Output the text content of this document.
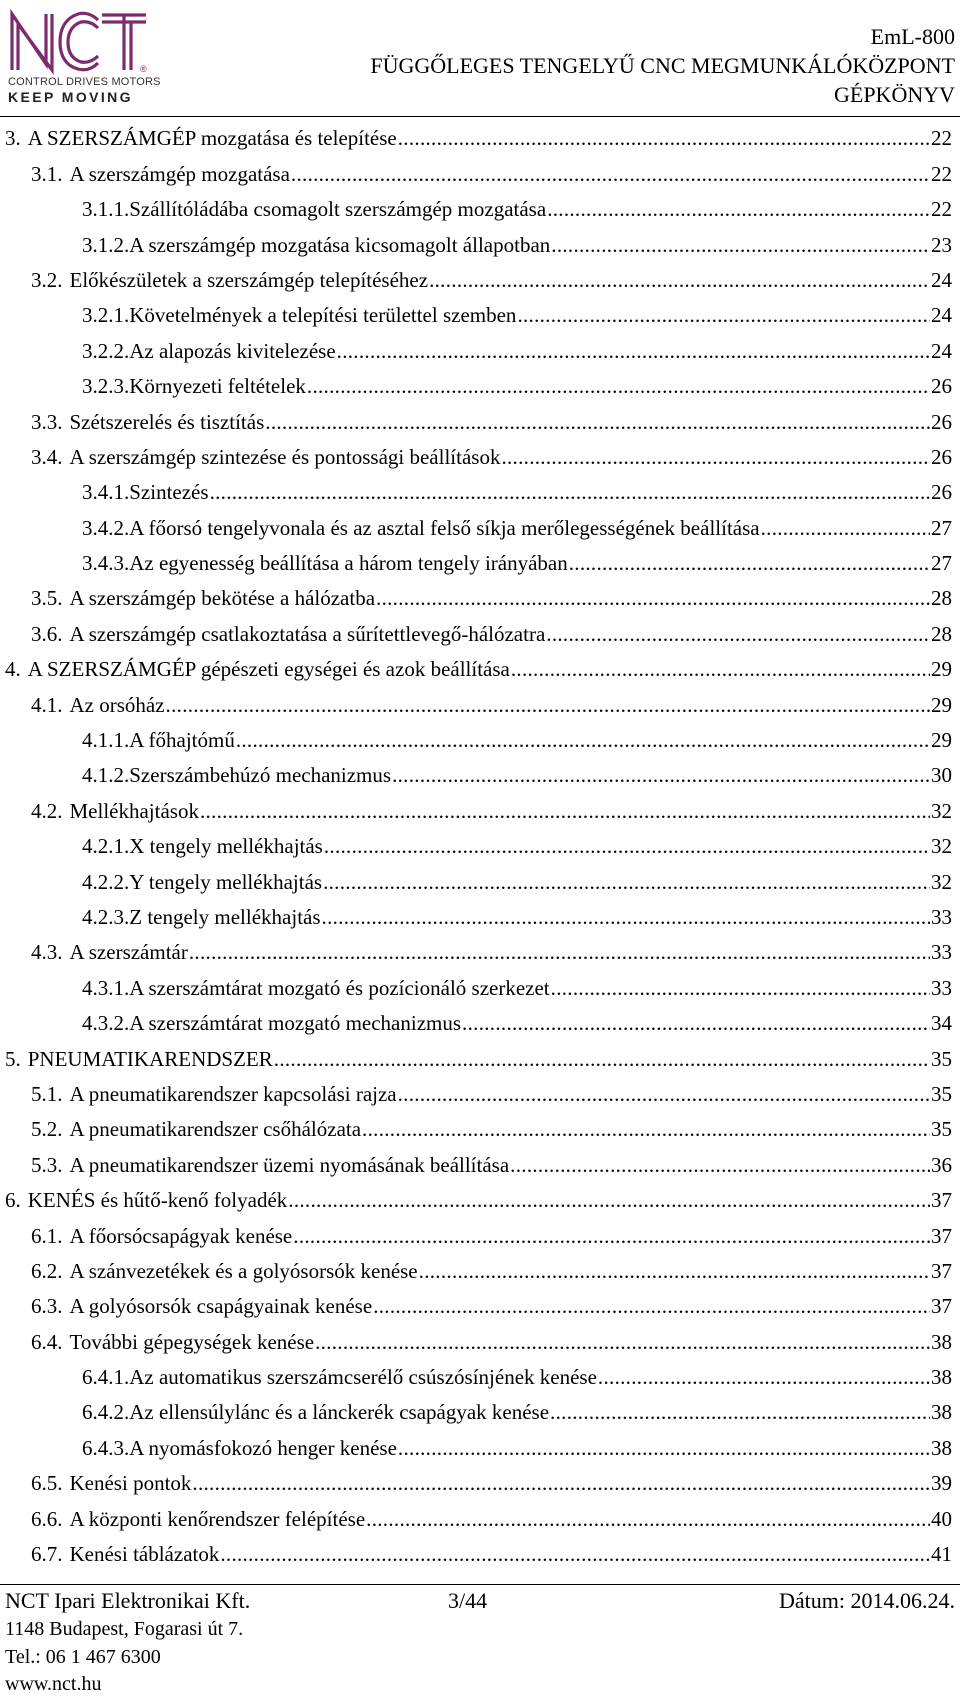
®
CONTROL DRIVES MOTORS
KEEP MOVING
EmL-800
FÜGGŐLEGES TENGELYŰ CNC MEGMUNKÁLÓKÖZPONT
GÉPKÖNYV
3. A SZERSZÁMGÉP mozgatása és telepítése .....	22
3.1. A szerszámgép mozgatása .....	22
3.1.1. Szállítóládába csomagolt szerszámgép mozgatása .....	22
3.1.2. A szerszámgép mozgatása kicsomagolt állapotban .....	23
3.2. Előkészületek a szerszámgép telepítéséhez .....	24
3.2.1. Követelmények a telepítési területtel szemben .....	24
3.2.2. Az alapozás kivitelezése .....	24
3.2.3. Környezeti feltételek .....	26
3.3. Szétszerelés és tisztítás .....	26
3.4. A szerszámgép szintezése és pontossági beállítások .....	26
3.4.1. Szintezés .....	26
3.4.2. A főorsó tengelyvonala és az asztal felső síkja merőlegességének beállítása .....	27
3.4.3. Az egyenesség beállítása a három tengely irányában .....	27
3.5. A szerszámgép bekötése a hálózatba .....	28
3.6. A szerszámgép csatlakoztatása a sűrítettlevegő-hálózatra .....	28
4. A SZERSZÁMGÉP gépészeti egységei és azok beállítása .....	29
4.1. Az orsóház .....	29
4.1.1. A főhajtómű .....	29
4.1.2. Szerszámbehúzó mechanizmus .....	30
4.2. Mellékhajtások .....	32
4.2.1. X tengely mellékhajtás .....	32
4.2.2. Y tengely mellékhajtás .....	32
4.2.3. Z tengely mellékhajtás .....	33
4.3. A szerszámtár .....	33
4.3.1. A szerszámtárat mozgató és pozícionáló szerkezet .....	33
4.3.2. A szerszámtárat mozgató mechanizmus .....	34
5. PNEUMATIKARENDSZER .....	35
5.1. A pneumatikarendszer kapcsolási rajza .....	35
5.2. A pneumatikarendszer csőhálózata .....	35
5.3. A pneumatikarendszer üzemi nyomásának beállítása .....	36
6. KENÉS és hűtő-kenő folyadék .....	37
6.1. A főorsócsapágyak kenése .....	37
6.2. A szánvezetékek és a golyósorsók kenése .....	37
6.3. A golyósorsók csapágyainak kenése .....	37
6.4. További gépegységek kenése .....	38
6.4.1. Az automatikus szerszámcserélő csúszósínjének kenése .....	38
6.4.2. Az ellensúlylánc és a lánckerék csapágyak kenése .....	38
6.4.3. A nyomásfokozó henger kenése .....	38
6.5. Kenési pontok .....	39
6.6. A központi kenőrendszer felépítése .....	40
6.7. Kenési táblázatok .....	41
NCT Ipari Elektronikai Kft.
1148 Budapest, Fogarasi út 7.
Tel.: 06 1 467 6300
www.nct.hu
3/44	Dátum: 2014.06.24.
